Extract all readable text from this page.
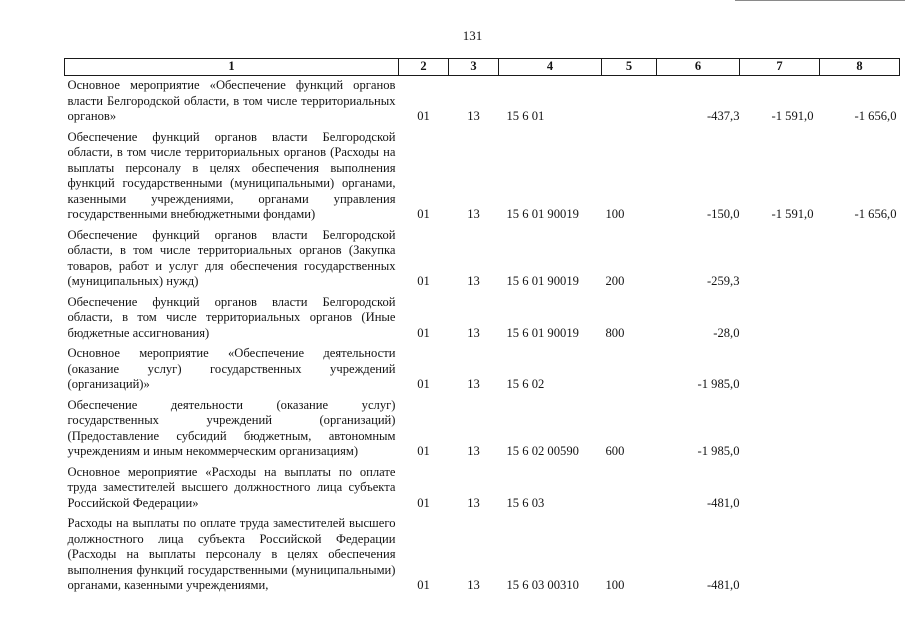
131
1	2	3	4	5	6	7	8
Основное мероприятие «Обеспечение функций органов власти Белгородской области, в том числе территориальных органов»	01	13	15 6 01		-437,3	-1 591,0	-1 656,0
Обеспечение функций органов власти Белгородской области, в том числе территориальных органов (Расходы на выплаты персоналу в целях обеспечения выполнения функций государственными (муниципальными) органами, казенными учреждениями, органами управления государственными внебюджетными фондами)	01	13	15 6 01 90019	100	-150,0	-1 591,0	-1 656,0
Обеспечение функций органов власти Белгородской области, в том числе территориальных органов (Закупка товаров, работ и услуг для обеспечения государственных (муниципальных) нужд)	01	13	15 6 01 90019	200	-259,3		
Обеспечение функций органов власти Белгородской области, в том числе территориальных органов (Иные бюджетные ассигнования)	01	13	15 6 01 90019	800	-28,0		
Основное мероприятие «Обеспечение деятельности (оказание услуг) государственных учреждений (организаций)»	01	13	15 6 02		-1 985,0		
Обеспечение деятельности (оказание услуг) государственных учреждений (организаций) (Предоставление субсидий бюджетным, автономным учреждениям и иным некоммерческим организациям)	01	13	15 6 02 00590	600	-1 985,0		
Основное мероприятие «Расходы на выплаты по оплате труда заместителей высшего должностного лица субъекта Российской Федерации»	01	13	15 6 03		-481,0		
Расходы на выплаты по оплате труда заместителей высшего должностного лица субъекта Российской Федерации (Расходы на выплаты персоналу в целях обеспечения выполнения функций государственными (муниципальными) органами, казенными учреждениями,	01	13	15 6 03 00310	100	-481,0		
